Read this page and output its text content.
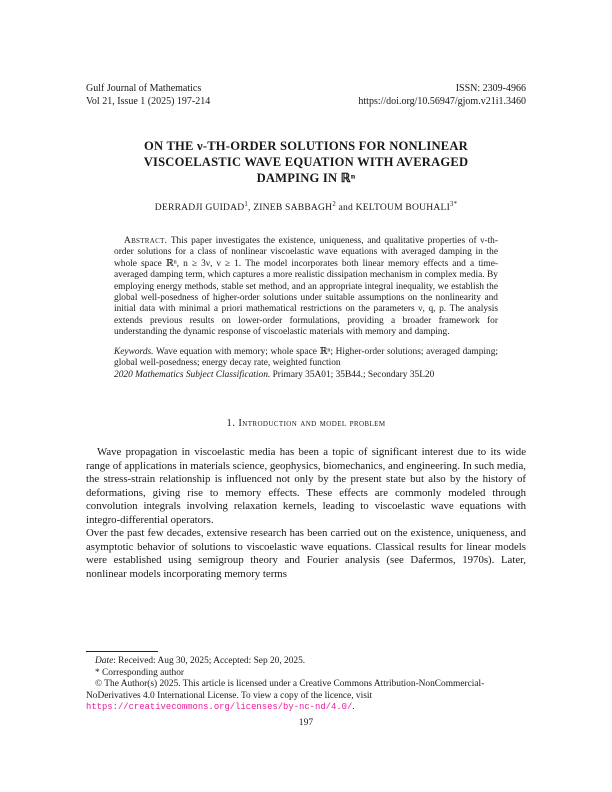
Gulf Journal of Mathematics
Vol 21, Issue 1 (2025) 197-214
ISSN: 2309-4966
https://doi.org/10.56947/gjom.v21i1.3460
ON THE ν-TH-ORDER SOLUTIONS FOR NONLINEAR
VISCOELASTIC WAVE EQUATION WITH AVERAGED
DAMPING IN ℝⁿ
DERRADJI GUIDAD$^1$, ZINEB SABBAGH$^2$ and KELTOUM $BOUHALI^{3*}$
Abstract. This paper investigates the existence, uniqueness, and qualitative properties of ν-th-order solutions for a class of nonlinear viscoelastic wave equations with averaged damping in the whole space ℝⁿ, n ≥ 3ν, ν ≥ 1. The model incorporates both linear memory effects and a time-averaged damping term, which captures a more realistic dissipation mechanism in complex media. By employing energy methods, stable set method, and an appropriate integral inequality, we establish the global well-posedness of higher-order solutions under suitable assumptions on the nonlinearity and initial data with minimal a priori mathematical restrictions on the parameters ν, q, p. The analysis extends previous results on lower-order formulations, providing a broader framework for understanding the dynamic response of viscoelastic materials with memory and damping.
Keywords. Wave equation with memory; whole space ℝⁿ; Higher-order solutions; averaged damping; global well-posedness; energy decay rate, weighted function
2020 Mathematics Subject Classification. Primary 35A01; 35B44.; Secondary 35L20
1. Introduction and model problem

Wave propagation in viscoelastic media has been a topic of significant interest due to its wide range of applications in materials science, geophysics, biomechanics, and engineering. In such media, the stress-strain relationship is influenced not only by the present state but also by the history of deformations, giving rise to memory effects. These effects are commonly modeled through convolution integrals involving relaxation kernels, leading to viscoelastic wave equations with integro-differential operators.

Over the past few decades, extensive research has been carried out on the existence, uniqueness, and asymptotic behavior of solutions to viscoelastic wave equations. Classical results for linear models were established using semigroup theory and Fourier analysis (see Dafermos, 1970s). Later, nonlinear models incorporating memory terms

Date: Received: Aug 30, 2025; Accepted: Sep 20, 2025.

* Corresponding author

© The Author(s) 2025. This article is licensed under a Creative Commons Attribution-NonCommercial-NoDerivatives 4.0 International License. To view a copy of the licence, visit https://creativecommons.org/licenses/by-nc-nd/4.0/.

197
